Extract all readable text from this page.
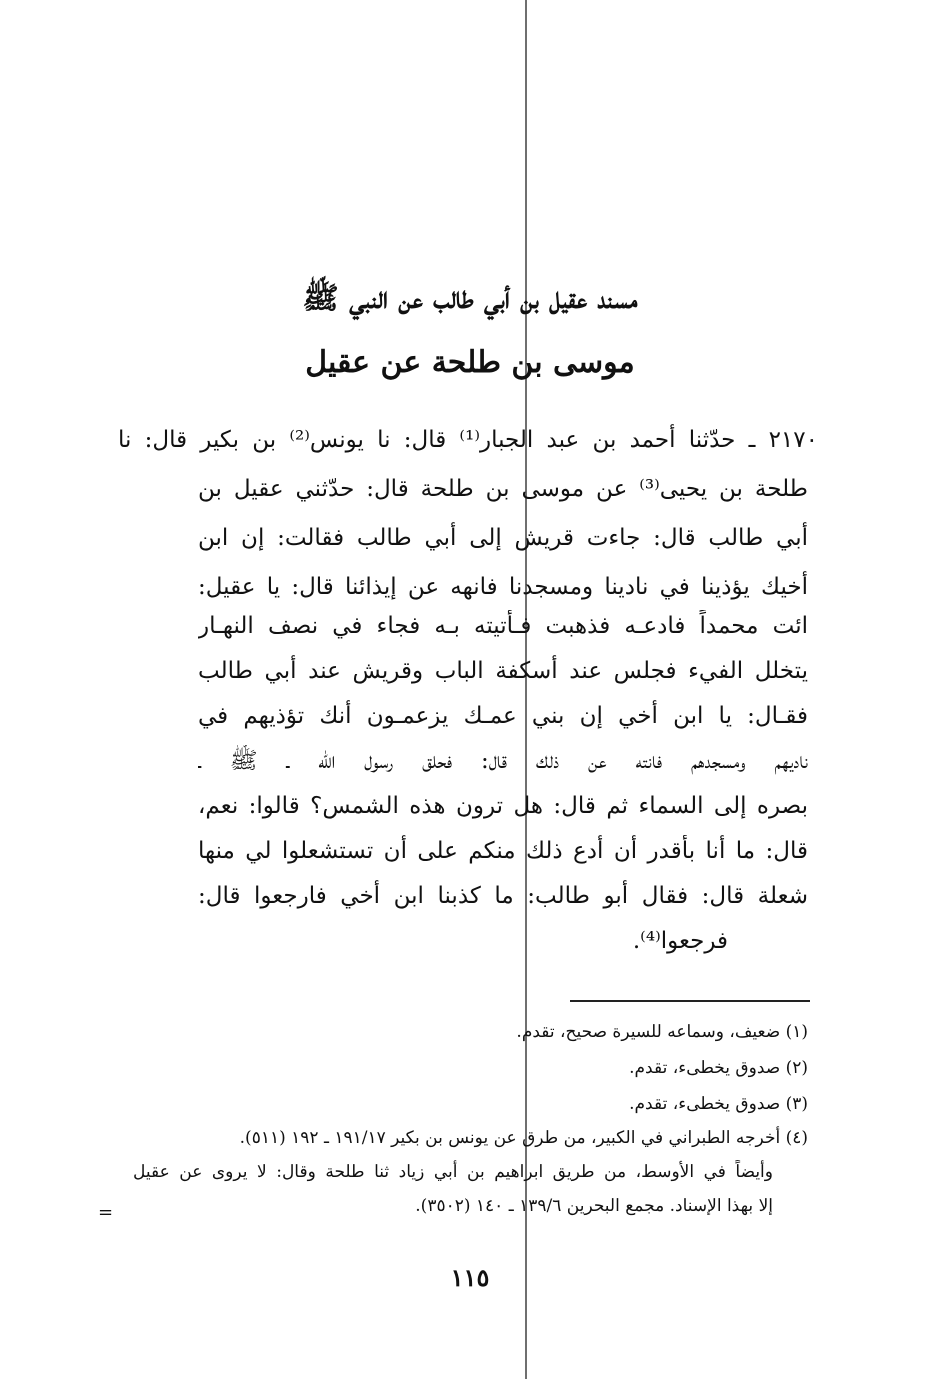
مسند عقيل بن أبي طالب عن النبي ﷺ
موسى بن طلحة عن عقيل
٢١٧٠ ـ حدّثنا أحمد بن عبد الجبار⁽¹⁾ قال: نا يونس⁽²⁾ بن بكير قال: نا
طلحة بن يحيى⁽³⁾ عن موسى بن طلحة قال: حدّثني عقيل بن
أبي طالب قال: جاءت قريش إلى أبي طالب فقالت: إن ابن
أخيك يؤذينا في نادينا ومسجدنا فانهه عن إيذائنا قال: يا عقيل:
ائت محمداً فادعـه فذهبت فـأتيته بـه فجاء في نصف النهـار
يتخلل الفيء فجلس عند أسكفة الباب وقريش عند أبي طالب
فقـال: يا ابن أخي إن بني عمـك يزعمـون أنك تؤذيهم في
ناديهم ومسجدهم فانته عن ذلك قال: فحلق رسول الله ـ ﷺ ـ
بصره إلى السماء ثم قال: هل ترون هذه الشمس؟ قالوا: نعم،
قال: ما أنا بأقدر أن أدع ذلك منكم على أن تستشعلوا لي منها
شعلة قال: فقال أبو طالب: ما كذبنا ابن أخي فارجعوا قال:
فرجعوا⁽⁴⁾.
(١) ضعيف، وسماعه للسيرة صحيح، تقدم.
(٢) صدوق يخطىء، تقدم.
(٣) صدوق يخطىء، تقدم.
(٤) أخرجه الطبراني في الكبير، من طرق عن يونس بن بكير ١٩١/١٧ ـ ١٩٢ (٥١١).
وأيضاً في الأوسط، من طريق ابراهيم بن أبي زياد ثنا طلحة وقال: لا يروى عن عقيل
إلا بهذا الإسناد. مجمع البحرين ١٣٩/٦ ـ ١٤٠ (٣٥٠٢).
=
١١٥
